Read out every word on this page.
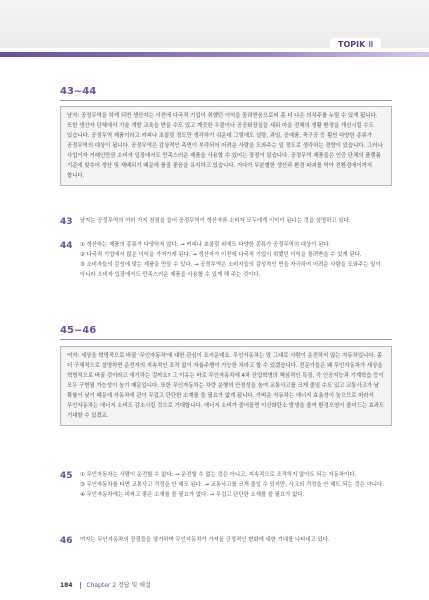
TOPIK Ⅱ
43~44
남자: 공정무역을 하게 되면 생산자는 이전에 다국적 기업이 취했던 이익을 돌려받음으로써 좀 더 나은 의식주를 누릴 수 있게 됩니다. 또한 생산자 단체에서 기술 개발 교육을 받을 수도 있고 깨끗한 우물이나 공공화장실을 세워 마을 전체의 생활 환경을 개선시킬 수도 있습니다. 공정무역 제품이라고 커피나 초콜릿 정도만 생각하기 쉬운데 그렇에도 설탕, 과일, 공예품, 축구공 등 훨씬 다양한 종류가 공정무역의 대상이 됩니다. 공정무역은 감상적인 측면이 부각되어 어려운 사람을 도와주는 일 정도로 생각하는 경향이 있습니다. 그러나 사업이자 거래인만큼 소비자 입장에서도 만족스러운 제품을 사용할 수 있어는 장점이 있습니다. 공정무역 제품들은 인증 단체의 플랫폼 기준에 맞추어 생산 및 재배되기 때문에 품질 좋음을 유지하고 있습니다. 거다가 무분별한 생산과 환경 파괴를 막아 친환경에이까지 합니다.
43 남자는 공정무역의 여러 가지 장점을 들어 공정무역이 생산자와 소비자 모두에게 이익이 된다는 것을 설명하고 있다.
44 ① 생산하는 제품의 종류가 다양하지 않다. → 커피나 초콜릿 외에도 다양한 종류가 공정무역의 대상이 된다.
② 다국적 기업에서 많은 이익을 가져가게 된다. → 생산자가 이전에 다국적 기업이 취했던 이익을 돌려받을 수 있게 된다.
③ 소비자들의 감성에 맞는 제품을 만들 수 있다. → 공정무역은 소비자들의 감성적인 면을 자극하여 어려운 사람을 도와주는 일이 아니라 소비자 입장에서도 만족스러운 제품을 사용할 수 있게 해 주는 것이다.
45~46
여자: 세상을 혁명적으로 바꿀 '무인자동차'에 대한 관심이 요거운데요. 무인자동차는 말 그대로 사람이 운전하지 않는 자동차입니다. 좀 더 구체적으로 설명하면 운전자의 지속적인 조작 없이 자율주행이 가능한 차라고 할 수 있겠습니다. 전문가들은 왜 무인자동차가 세상을 혁명적으로 바꿀 것이라고 얘기하는 걸까요? 그 이유는 바로 무인자동차에 4차 산업혁명의 핵심적인 특징, 즉 인공지능과 기계학습 등이 모두 구현될 가능성이 높기 때문입니다. 또한 무인자동차는 차량 운행의 안정성을 높여 교통사고를 크게 줄일 수도 있고 교통사고가 날 확률이 낮기 때문에 자동차에 관이 무겁고 단단한 소재를 쓸 필요가 없게 됩니다. 가벼운 자동차는 에너지 효율성이 높으므로 따라서 무인자동차는 에너지 소비도 감소시킬 것으로 기대합니다. 에너지 소비가 줄어들면 이산화탄소 발생을 줄여 환경오염이 줄어드는 효과도 기대할 수 있겠죠.
45 ① 무인자동차는 사람이 운전할 수 없다. → 운전할 수 없는 것은 아니고, 지속적으로 조작하지 않아도 되는 자동차이다.
③ 무인자동차를 타면 교통사고 걱정을 안 해도 된다. → 교통사고를 크게 줄일 수 있지만, 사고의 걱정을 안 해도 되는 것은 아니다.
④ 무인자동차에는 비싸고 좋은 소재를 쓸 필요가 없다. → 무겁고 단단한 소재를 쓸 필요가 없다.
46 여자는 무인자동차의 장점들을 열거하며 무인자동차가 가져올 긍정적인 변화에 대한 기대를 나타내고 있다.
184 Chapter 2 정답 및 해설
